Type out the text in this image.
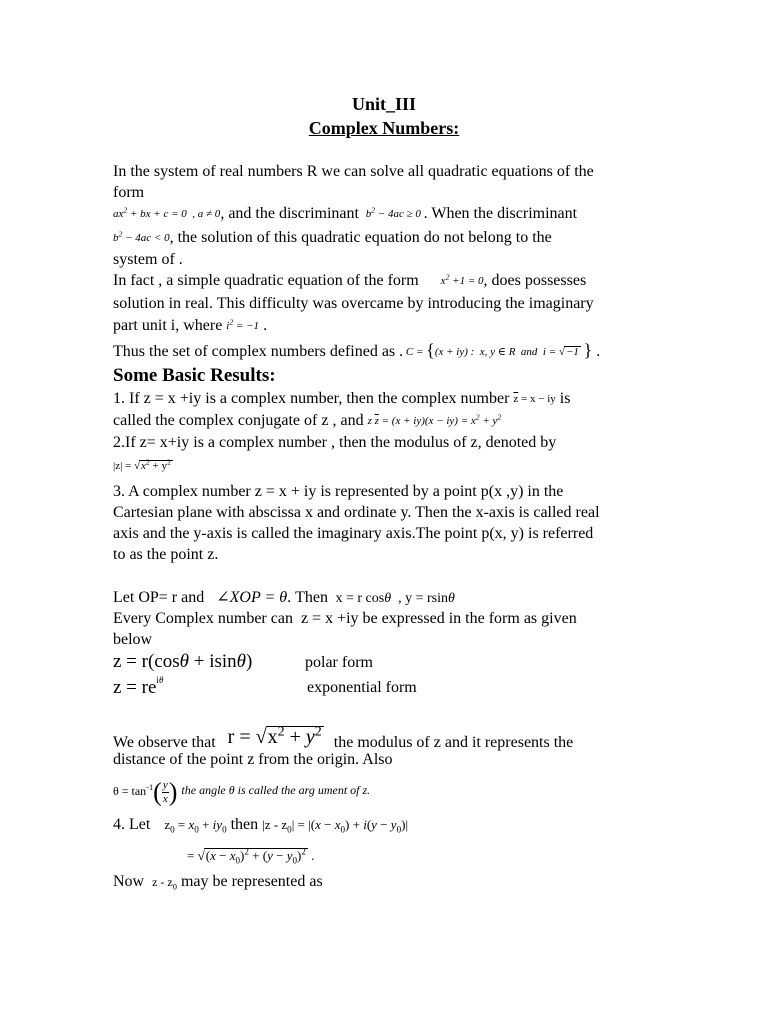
Unit_III
Complex Numbers:
In the system of real numbers R we can solve all quadratic equations of the
form
$ax^2$ + bx + c = 0  , a ≠ 0, and the discriminant  $b^2 - 4ac \ge 0$ . When the discriminant
$b^2 - 4ac < 0$, the solution of this quadratic equation do not belong to the
system of .
In fact , a simple quadratic equation of the form $x^2 +1 = 0$, does possesses
solution in real. This difficulty was overcame by introducing the imaginary
part unit i, where $i^2 = -1$ .
Thus the set of complex numbers defined as . C = {(x + iy) :  x, y ∈ R  and  i = √−1 } .
Some Basic Results:
1. If z = x +iy is a complex number, then the complex number $\overline{z} = x$ − iy is
called the complex conjugate of z , and z $\overline{z} = (x + iy)(x - iy) = x^2 + y^2$
2.If z= x+iy is a complex number , then the modulus of z, denoted by
$|z| = √x^2 + y^2$
3. A complex number z = x + iy is represented by a point p(x ,y) in the
Cartesian plane with abscissa x and ordinate y. Then the x-axis is called real
axis and the y-axis is called the imaginary axis.The point p(x, y) is referred
to as the point z.
Let OP= r and ∠XOP = θ. Then  x = r cosθ  , y = rsinθ
Every Complex number can z = x +iy be expressed in the form as given
below
z = r(cosθ + isinθ)	polar form
$z = re^{i\theta}$	exponential form
We observe that $r = √x^2 + y^2$ the modulus of z and it represents the
distance of the point z from the origin. Also
$\theta = \tan^{-1}( \frac{y}{x}$ ) the angle θ is called the arg ument of z.
4. Let $z_0 = x_0 + iy_0$ then $|z - z_0| = |(x - x_0) + i(y - y_0)|$
= $√(x - x_0)^2 + (y - y_0)^2$ .
Now z - $z_0$ may be represented as
